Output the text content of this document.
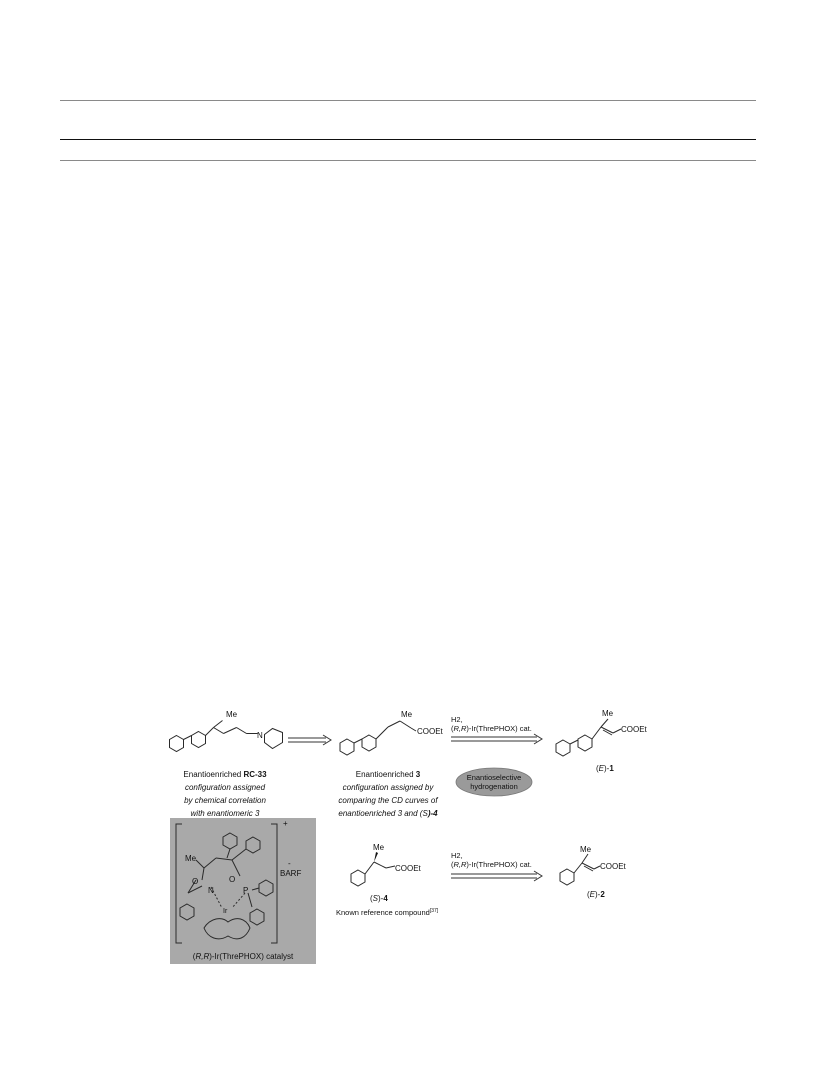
Me
N
Enantioenriched RC-33
configuration assigned
by chemical correlation
with enantiomeric 3
Me
COOEt
Enantioenriched 3
configuration assigned by
comparing the CD curves of
enantioenriched 3 and (S)-4
H2,
(R,R)-Ir(ThrePHOX) cat.
Enantioselective
hydrogenation
Me
COOEt
(E)-1
Me
O
N
O
P
Ir
+
-
BARF
(R,R)-Ir(ThrePHOX) catalyst
Me
COOEt
(S)-4
Known reference compound[37]
H2,
(R,R)-Ir(ThrePHOX) cat.
Me
COOEt
(E)-2
